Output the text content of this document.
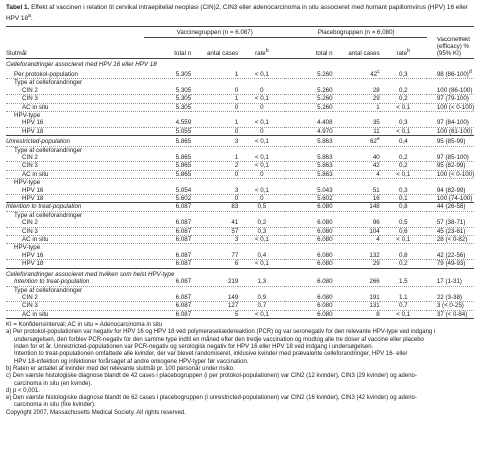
Tabel 1. Effekt af vaccinen i relation til cervikal intraepitelial neoplasi (CIN)2, CIN3 eller adenocarcinoma in situ associeret med humant papillomvirus (HPV) 16 eller HPV 18$^a$.

	Vaccinegruppen (n = 6.087)			Placebogruppen (n = 6.080)			
Slutmål	total n	antal cases	rate$^b$	total n	antal cases	rate$^b$	Vaccineffekt (efficacy) % (95% KI)
Celleforandringer associeret med HPV 16 eller HPV 18							
Per protokol-population	5.305	1	< 0,1	5.260	42$^c$	0,3	98 $(86-100)^d$
Type af celleforandringer							
CIN 2	5.305	0	0	5.260	28	0,2	100 (86-100)
CIN 3	5.305	1	< 0,1	5.260	29	0,2	97 (79-100)
AC in situ	5.305	0	0	5.260	1	< 0,1	100 (< 0-100)
HPV-type							
HPV 16	4.559	1	< 0,1	4.408	35	0,3	97 (84-100)
HPV 18	5.055	0	0	4.970	11	< 0,1	100 (61-100)
Unrestricted-population	5.865	3	< 0,1	5.863	62e	0,4	95 (85-99)
Type af celleforandringer							
CIN 2	5.865	1	< 0,1	5.863	40	0,2	97 (85-100)
CIN 3	5.865	2	< 0,1	5.863	42	0,2	95 (82-99)
AC in situ	5.865	0	0	5.863	4	< 0,1	100 (< 0-100)
HPV-type							
HPV 16	5.054	3	< 0,1	5.043	51	0,3	94 (82-99)
HPV 18	5.602	0	0	5.602	16	0,1	100 (74-100)
Intention to treat-population	6.087	83	0,5	6.080	148	0,8	44 (26-58)
Type af celleforandringer							
CIN 2	6.087	41	0,2	6.080	96	0,5	57 (38-71)
CIN 3	6.087	57	0,3	6.080	104	0,6	45 (23-61)
AC in situ	6.087	3	< 0,1	6.080	4	< 0,1	28 (< 0-82)
HPV-type							
HPV 16	6.087	77	0,4	6.080	132	0,8	42 (22-56)
HPV 18	6.087	6	< 0,1	6.080	29	0,2	79 (49-93)
Celleforandringer associeret med hvilken som helst HPV-type							
Intention to treat-population	6.087	219	1,3	6.080	266	1,5	17 (1-31)
Type af celleforandringer							
CIN 2	6.087	149	0,9	6.080	191	1,1	22 (3-38)
CIN 3	6.087	127	0,7	6.080	131	0,7	3 (< 0-25)
AC in situ	6.087	5	< 0,1	6.080	8	< 0,1	37 (< 0-84)

KI = Konfidensinterval; AC in situ = Adenocarcinoma in situ

a) Per protokol-populationen var negativ for HPV 16 og HPV 18 ved polymerasekædereaktion (PCR) og var seronegativ for den relevante HPV-type ved indgang i

undersøgelsen, den forblev PCR-negativ for den samme type indtil en måned efter den tredje vaccination og modtog alle tre doser af vaccine eller placebo

inden for et år. Unrestricted-populationen var PCR-negativ og serologisk negativ for HPV 16 eller HPV 18 ved indgang i undersøgelsen.

Intention to treat-populationen omfattede alle kvinder, der var blevet randomiseret, inklusive kvinder med prævalente celleforandringer, HPV 16- eller

HPV 18-infektion og infektioner forårsaget af andre onkogene HPV-typer før vaccination.

b) Raten er antallet af kvinder med det relevante slutmål pr. 100 personår under risiko.

c) Den værste histologiske diagnose blandt de 42 cases i placebogruppen (i per protokol-populationen) var CIN2 (12 kvinder), CIN3 (29 kvinder) og adeno-

carcinoma in situ (en kvinde).

d) p < 0,001.

e) Den værste histologiske diagnose blandt de 62 cases i placebogruppen (i unrestricted-populationen) var CIN2 (16 kvinder), CIN3 (42 kvinder) og adeno-

carcinoma in situ (fire kvinder).

Copyright 2007, Massachusetts Medical Society. All rights reserved.
